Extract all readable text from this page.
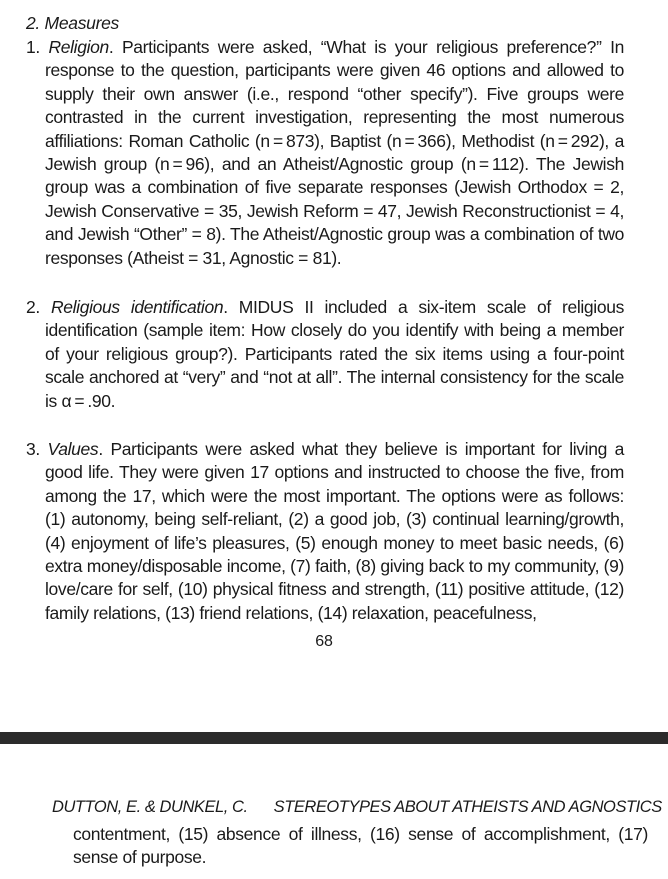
2. Measures

1. Religion. Participants were asked, “What is your religious preference?” In response to the question, participants were given 46 options and allowed to supply their own answer (i.e., respond “other specify”). Five groups were contrasted in the current investigation, representing the most numerous affiliations: Roman Catholic (n = 873), Baptist (n = 366), Methodist (n = 292), a Jewish group (n = 96), and an Atheist/Agnostic group (n = 112). The Jewish group was a combination of five separate responses (Jewish Orthodox = 2, Jewish Conservative = 35, Jewish Reform = 47, Jewish Reconstructionist = 4, and Jewish “Other” = 8). The Atheist/Agnostic group was a combination of two responses (Atheist = 31, Agnostic = 81).

2. Religious identification. MIDUS II included a six-item scale of religious identification (sample item: How closely do you identify with being a member of your religious group?). Participants rated the six items using a four-point scale anchored at “very” and “not at all”. The internal consistency for the scale is α = .90.

3. Values. Participants were asked what they believe is important for living a good life. They were given 17 options and instructed to choose the five, from among the 17, which were the most important. The options were as follows: (1) autonomy, being self-reliant, (2) a good job, (3) continual learning/growth, (4) enjoyment of life’s pleasures, (5) enough money to meet basic needs, (6) extra money/disposable income, (7) faith, (8) giving back to my community, (9) love/care for self, (10) physical fitness and strength, (11) positive attitude, (12) family relations, (13) friend relations, (14) relaxation, peacefulness,

68
DUTTON, E. & DUNKEL, C. STEREOTYPES ABOUT ATHEISTS AND AGNOSTICS

contentment, (15) absence of illness, (16) sense of accomplishment, (17) sense of purpose.
